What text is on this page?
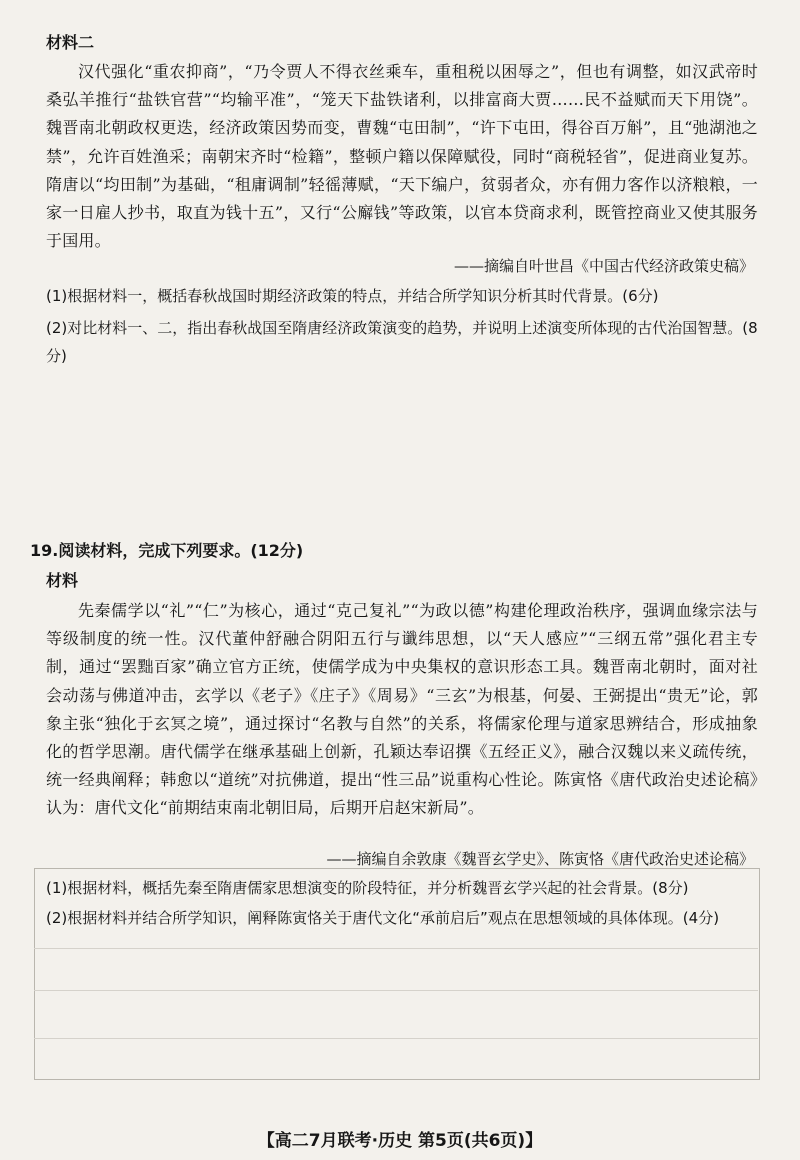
材料二
汉代强化“重农抑商”，“乃令贾人不得衣丝乘车，重租税以困辱之”，但也有调整，如汉武帝时桑弘羊推行“盐铁官营”“均输平准”，“笼天下盐铁诸利，以排富商大贾……民不益赋而天下用饶”。魏晋南北朝政权更迭，经济政策因势而变，曹魏“屯田制”，“许下屯田，得谷百万斛”，且“弛湖池之禁”，允许百姓渔采；南朝宋齐时“检籍”，整顿户籍以保障赋役，同时“商税轻省”，促进商业复苏。隋唐以“均田制”为基础，“租庸调制”轻徭薄赋，“天下编户，贫弱者众，亦有佣力客作以济粮粮，一家一日雇人抄书，取直为钱十五”，又行“公廨钱”等政策，以官本贷商求利，既管控商业又使其服务于国用。
——摘编自叶世昌《中国古代经济政策史稿》
(1)根据材料一，概括春秋战国时期经济政策的特点，并结合所学知识分析其时代背景。(6分)
(2)对比材料一、二，指出春秋战国至隋唐经济政策演变的趋势，并说明上述演变所体现的古代治国智慧。(8分)
19.阅读材料，完成下列要求。(12分)
材料
先秦儒学以“礼”“仁”为核心，通过“克己复礼”“为政以德”构建伦理政治秩序，强调血缘宗法与等级制度的统一性。汉代董仲舒融合阴阳五行与谶纬思想，以“天人感应”“三纲五常”强化君主专制，通过“罢黜百家”确立官方正统，使儒学成为中央集权的意识形态工具。魏晋南北朝时，面对社会动荡与佛道冲击，玄学以《老子》《庄子》《周易》“三玄”为根基，何晏、王弼提出“贵无”论，郭象主张“独化于玄冥之境”，通过探讨“名教与自然”的关系，将儒家伦理与道家思辨结合，形成抽象化的哲学思潮。唐代儒学在继承基础上创新，孔颖达奉诏撰《五经正义》，融合汉魏以来义疏传统，统一经典阐释；韩愈以“道统”对抗佛道，提出“性三品”说重构心性论。陈寅恪《唐代政治史述论稿》认为：唐代文化“前期结束南北朝旧局，后期开启赵宋新局”。
——摘编自余敦康《魏晋玄学史》、陈寅恪《唐代政治史述论稿》
(1)根据材料，概括先秦至隋唐儒家思想演变的阶段特征，并分析魏晋玄学兴起的社会背景。(8分)
(2)根据材料并结合所学知识，阐释陈寅恪关于唐代文化“承前启后”观点在思想领域的具体体现。(4分)
【高二7月联考·历史 第5页(共6页)】
